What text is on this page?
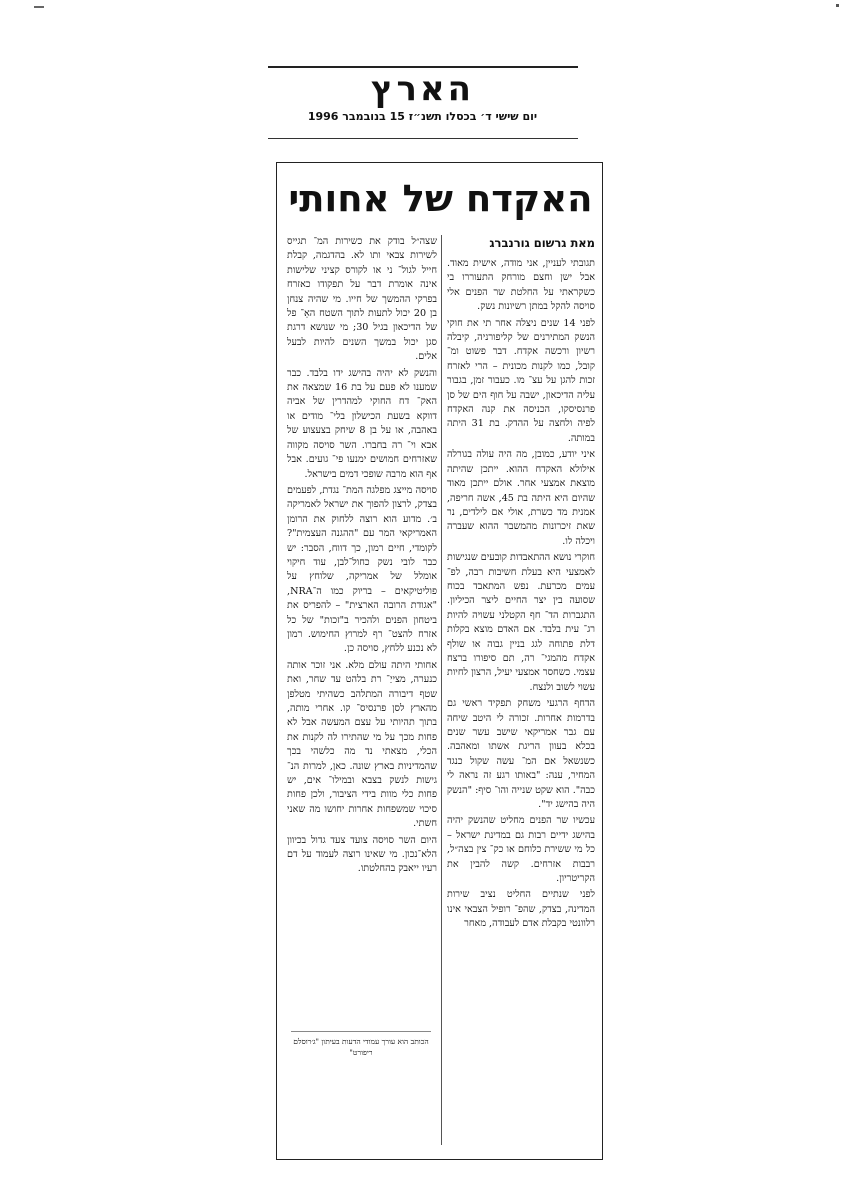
הארץ
יום שישי ד׳ בכסלו תשנ״ז 15 בנובמבר 1996
האקדח של אחותי
מאת גרשום גורנברג

תגובתי לעניין, אני מודה, אישית מאוד. אבל ישן וחצם מורחק התעוררו בי כשקראתי על החלטת שר הפנים אלי סויסה להקל במתן רשיונות נשק.

לפני 14 שנים ניצלה אחר תי את חוקי הנשק המתירנים של קליפורניה, קיבלה רשיון ורכשה אקדח. דבר פשוט ומ־ קובל, כמו לקנות מכונית – הרי לאזרח זכות להגן על עצ־ מו. כעבור זמן, בגבור עליה הדיכאון, ישבה על חוף הים של סן פרנסיסקו, הכניסה את קנה האקדח לפיה ולחצה על ההדק. בת 31 היתה במותה.

איני יודע, כמובן, מה היה עולה בגורלה אילולא האקדח ההוא. ייתכן שהיתה מוצאת אמצעי אחר. אולם ייתכן מאוד שהיום היא היתה בת 45, אשה חריפה, אמנית מד כשרת, אולי אם לילדים, נר שאת זיכרונות מהמשבר ההוא שעברה ויכלה לו.

חוקרי נושא ההתאבדות קובעים שנגישות לאמצעי היא בעלת חשיבות רבה, לפ־ עמים מכרעת. נפש המתאבד בכוח שסועה בין יצר החיים ליצר הכיליון. התגברות הד־ חף הקטלני עשויה להיות רג־ עית בלבד. אם האדם מוצא בקלות דלת פתוחה לגג בניין גבוה או שולף אקדח מהמגי־ רה, תם סיפורו ברצח עצמי. כשחסר אמצעי יעיל, הרצון לחיות עשוי לשוב ולנצח.

הדחף הרגעי משחק תפקיד ראשי גם בדרמות אחרות. זכורה לי היטב שיחה עם גבר אמריקאי שישב עשר שנים בכלא בעוון הריגת אשתו ומאהבה. כשנשאל אם המ־ עשה שקול כנגד המחיר, ענה: "באותו רגע זה נראה לי כבה". הוא שקט שנייה והו־ סיף: "הנשק היה בהישג יד".

עכשיו שר הפנים מחליט שהנשק יהיה בהישג ידיים רבות גם במדינת ישראל – כל מי ששירת כלוחם או כק־ צין בצה״ל, רבבות אזרחים. קשה להבין את הקריטריון.

לפני שנתיים החליט נציב שירות המדינה, בצדק, שהפ־ רופיל הצבאי אינו רלוונטי בקבלת אדם לעבודה, מאחר

שצה״ל בודק את כשירות המ־ תגייס לשירות צבאי ותו לא. בהדגמה, קבלת חייל לגול־ ני או לקורס קציני שלישות אינה אומרת דבר על תפקודו כאזרח בפרקי ההמשך של חייו. מי שהיה צנחן בן 20 יכול לתעות לתוך השטח האֵ־ פל של הדיכאון בגיל 30; מי שנושא דרגת סגן יכול במשך השנים להיות לבעל אלים.

והנשק לא יהיה בהישג ידו בלבד. כבר שמענו לא פעם על בת 16 שמצאה את האק־ דח החוקי למהדרין של אביה דווקא בשעת הכישלון בלי־ מודים או באהבה, או על בן 8 שיחק בצעצוע של אבא וי־ רה בחברו. השר סויסה מקווה שאזרחים חמושים ימנעו פי־ גועים. אבל אף הוא מרבה שופכי דמים בישראל.

סויסה מייצג מפלגה המת־ נגדת, לפעמים בצדק, לרצון להפוך את ישראל לאמריקה ב׳. מדוע הוא רוצה ללחוק את הרומן האמריקאי המר עם "ההגנה העצמית"? לקומדי, חיים רמון, כך דווח, הסבר: יש כבר לובי נשק כחול־לבן, עוד חיקוי אומלל של אמריקה, שלוחץ על פוליטיקאים – בריוק כמו ה־NRA, "אגודת הרובה הארצית" – להפריס את ביטחון הפנים ולהכיר ב"זכות" של כל אזרח להצט־ רף למרוץ החימוש. רמון לא נכנע ללחץ, סויסה כן.

אחותי היתה עולם מלא. אני זוכר אותה כנערה, מצייַ־ רת בלהט עד שחר, ואת שטף דיבורה המתלהב כשהיתי מטלפן מהארץ לסן פרנסיס־ קו. אחרי מותה, בתוך תהיותי על עצם המעשה אבל לא פחות מכך על מי שהתירו לה לקנות את הכלי, מצאתי נד מה כלשהי בכך שהמדיניות בארץ שונה. כאן, למרות הנ־ גישות לנשק בצבא ובמילו־ אים, יש פחות כלי מוות בידי הציבור, ולכן פחות סיכוי שמשפחות אחרות יחושו מה שאני חשתי.

היום השר סויסה צועד צעד גדול בכיוון הלא־נכון. מי שאינו רוצה לעמוד על דם רעיו ייאבק בהחלטתו.

הכותב הוא עורך עמודי הדעות בעיתון "ג׳רוסלם ריפורט"
